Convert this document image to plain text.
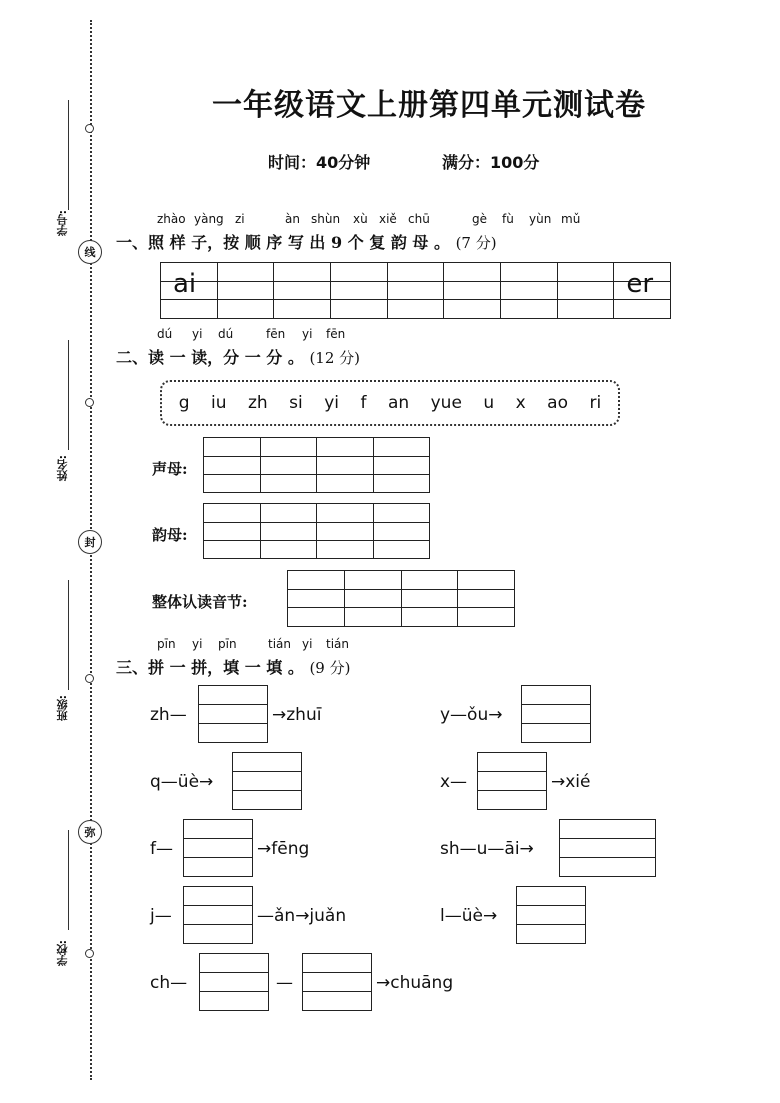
线
封
弥
学号:
姓名:
班级:
学校:
一年级语文上册第四单元测试卷
时间：40分钟	满分：100分
zhào yàng zi	àn shùn xù xiě chū	gè fù yùn mǔ
一、照 样 子，按 顺 序 写 出 9 个 复 韵 母 。 (7 分)
ai	er
dú yi dú	fēn yi fēn
二、读 一 读，分 一 分 。 (12 分)
g iu zh si yi f an yue u x ao ri
声母:
韵母:
整体认读音节:
pīn yi pīn	tián yi tián
三、拼 一 拼，填 一 填 。 (9 分)
zh—	→zhuī	y—ǒu→
q—üè→	x—	→xié
f—	→fēng	sh—u—āi→
j—	—ǎn→juǎn	l—üè→
ch—	—	→chuāng
